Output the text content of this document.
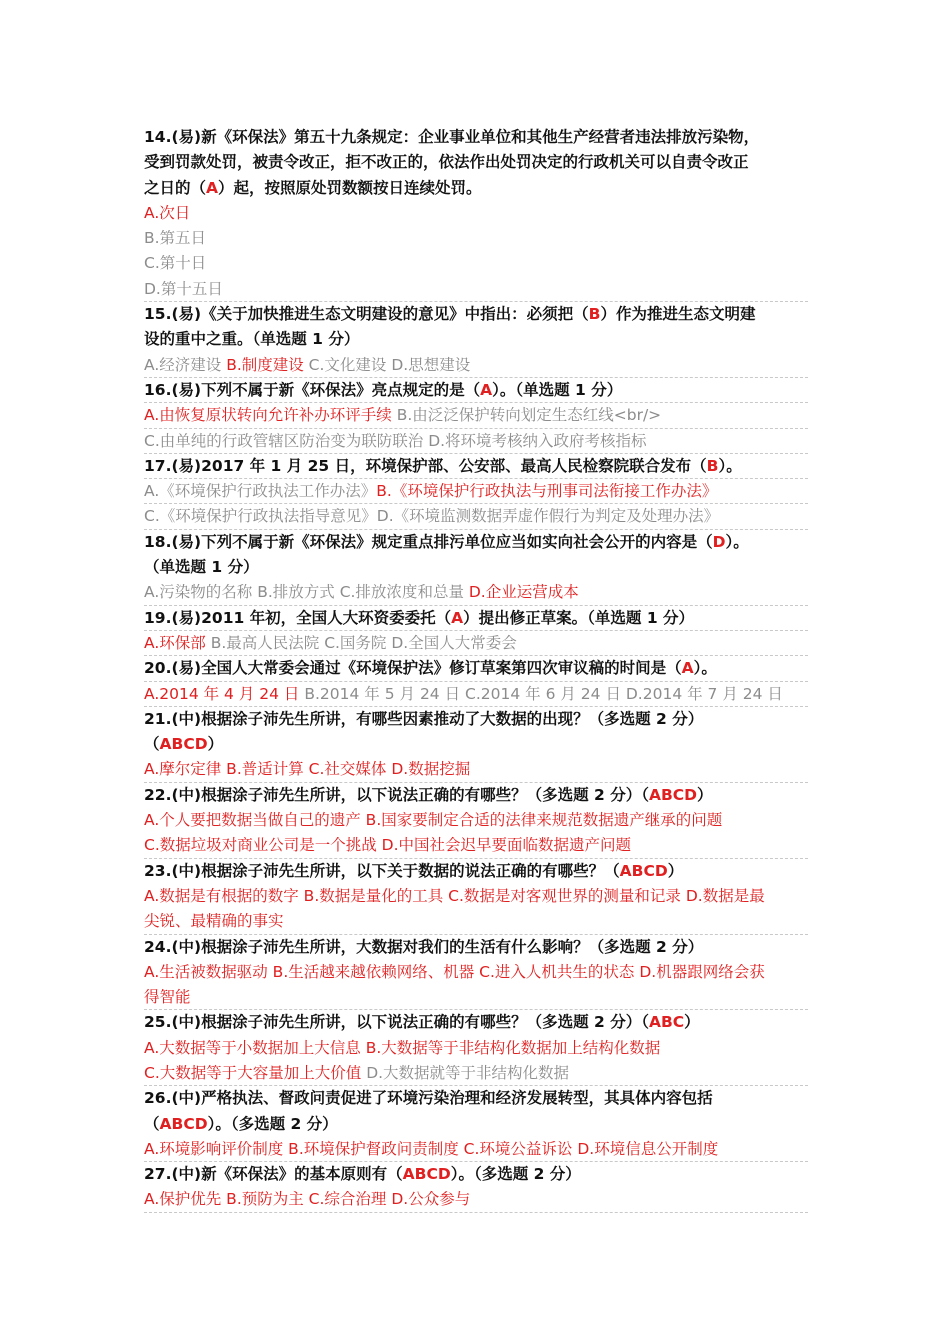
14.(易)新《环保法》第五十九条规定：企业事业单位和其他生产经营者违法排放污染物，
受到罚款处罚，被责令改正，拒不改正的，依法作出处罚决定的行政机关可以自责令改正
之日的（A）起，按照原处罚数额按日连续处罚。
A.次日
B.第五日
C.第十日
D.第十五日
15.(易)《关于加快推进生态文明建设的意见》中指出：必须把（B）作为推进生态文明建
设的重中之重。（单选题 1 分）
A.经济建设 B.制度建设 C.文化建设 D.思想建设
16.(易)下列不属于新《环保法》亮点规定的是（A）。（单选题 1 分）
A.由恢复原状转向允许补办环评手续 B.由泛泛保护转向划定生态红线<br/>
C.由单纯的行政管辖区防治变为联防联治 D.将环境考核纳入政府考核指标
17.(易)2017 年 1 月 25 日，环境保护部、公安部、最高人民检察院联合发布（B）。
A.《环境保护行政执法工作办法》B.《环境保护行政执法与刑事司法衔接工作办法》
C.《环境保护行政执法指导意见》D.《环境监测数据弄虚作假行为判定及处理办法》
18.(易)下列不属于新《环保法》规定重点排污单位应当如实向社会公开的内容是（D）。
（单选题 1 分）
A.污染物的名称 B.排放方式 C.排放浓度和总量 D.企业运营成本
19.(易)2011 年初，全国人大环资委委托（A）提出修正草案。（单选题 1 分）
A.环保部 B.最高人民法院 C.国务院 D.全国人大常委会
20.(易)全国人大常委会通过《环境保护法》修订草案第四次审议稿的时间是（A）。
A.2014 年 4 月 24 日 B.2014 年 5 月 24 日 C.2014 年 6 月 24 日 D.2014 年 7 月 24 日
21.(中)根据涂子沛先生所讲，有哪些因素推动了大数据的出现？（多选题 2 分）
（ABCD）
A.摩尔定律 B.普适计算 C.社交媒体 D.数据挖掘
22.(中)根据涂子沛先生所讲，以下说法正确的有哪些？（多选题 2 分）（ABCD）
A.个人要把数据当做自己的遗产 B.国家要制定合适的法律来规范数据遗产继承的问题
C.数据垃圾对商业公司是一个挑战 D.中国社会迟早要面临数据遗产问题
23.(中)根据涂子沛先生所讲，以下关于数据的说法正确的有哪些？（ABCD）
A.数据是有根据的数字 B.数据是量化的工具 C.数据是对客观世界的测量和记录 D.数据是最
尖锐、最精确的事实
24.(中)根据涂子沛先生所讲，大数据对我们的生活有什么影响？（多选题 2 分）
A.生活被数据驱动 B.生活越来越依赖网络、机器 C.进入人机共生的状态 D.机器跟网络会获
得智能
25.(中)根据涂子沛先生所讲，以下说法正确的有哪些？（多选题 2 分）（ABC）
A.大数据等于小数据加上大信息 B.大数据等于非结构化数据加上结构化数据
C.大数据等于大容量加上大价值 D.大数据就等于非结构化数据
26.(中)严格执法、督政问责促进了环境污染治理和经济发展转型，其具体内容包括
（ABCD）。（多选题 2 分）
A.环境影响评价制度 B.环境保护督政问责制度 C.环境公益诉讼 D.环境信息公开制度
27.(中)新《环保法》的基本原则有（ABCD）。（多选题 2 分）
A.保护优先 B.预防为主 C.综合治理 D.公众参与
